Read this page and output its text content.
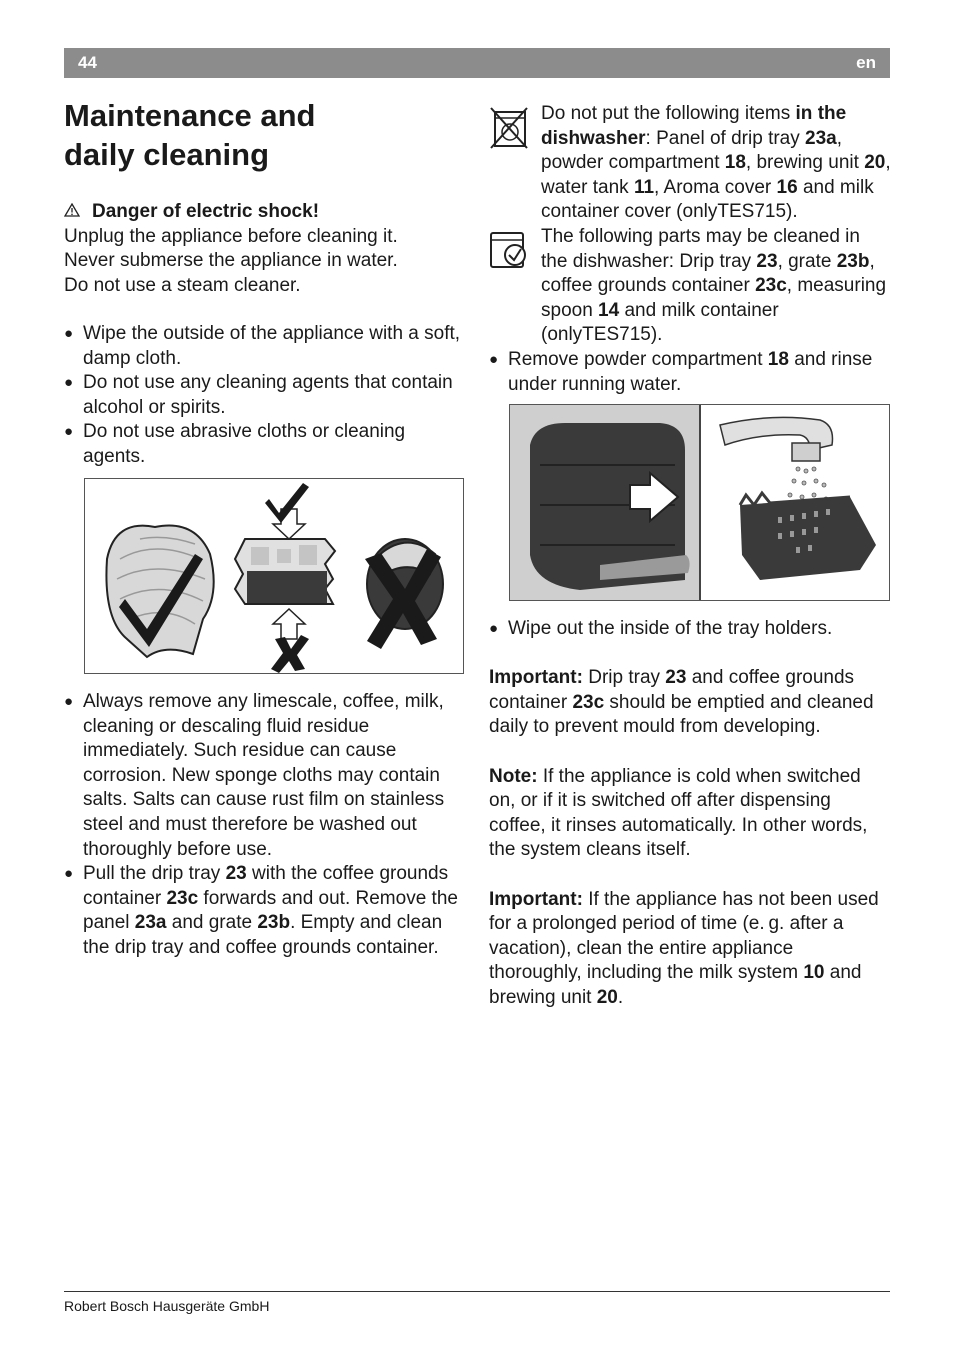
44	en
Maintenance and
daily cleaning

Danger of electric shock!

Unplug the appliance before cleaning it.

Never submerse the appliance in water.

Do not use a steam cleaner.

● Wipe the outside of the appliance with a soft, damp cloth.
● Do not use any cleaning agents that contain alcohol or spirits.
● Do not use abrasive cloths or cleaning agents.
● Always remove any limescale, coffee, milk, cleaning or descaling fluid residue immediately. Such residue can cause corrosion. New sponge cloths may contain salts. Salts can cause rust film on stainless steel and must therefore be washed out thoroughly before use.
● Pull the drip tray 23 with the coffee grounds container 23c forwards and out. Remove the panel 23a and grate 23b. Empty and clean the drip tray and coffee grounds container.

Do not put the following items in the dishwasher: Panel of drip tray 23a, powder compartment 18, brewing unit 20, water tank 11, Aroma cover 16 and milk container cover (onlyTES715).

The following parts may be cleaned in the dishwasher: Drip tray 23, grate 23b, coffee grounds container 23c, measuring spoon 14 and milk container (onlyTES715).

● Remove powder compartment 18 and rinse under running water.
● Wipe out the inside of the tray holders.

Important: Drip tray 23 and coffee grounds container 23c should be emptied and cleaned daily to prevent mould from developing.

Note: If the appliance is cold when switched on, or if it is switched off after dispensing coffee, it rinses automatically. In other words, the system cleans itself.

Important: If the appliance has not been used for a prolonged period of time (e. g. after a vacation), clean the entire appliance thoroughly, including the milk system 10 and brewing unit 20.

Robert Bosch Hausgeräte GmbH
